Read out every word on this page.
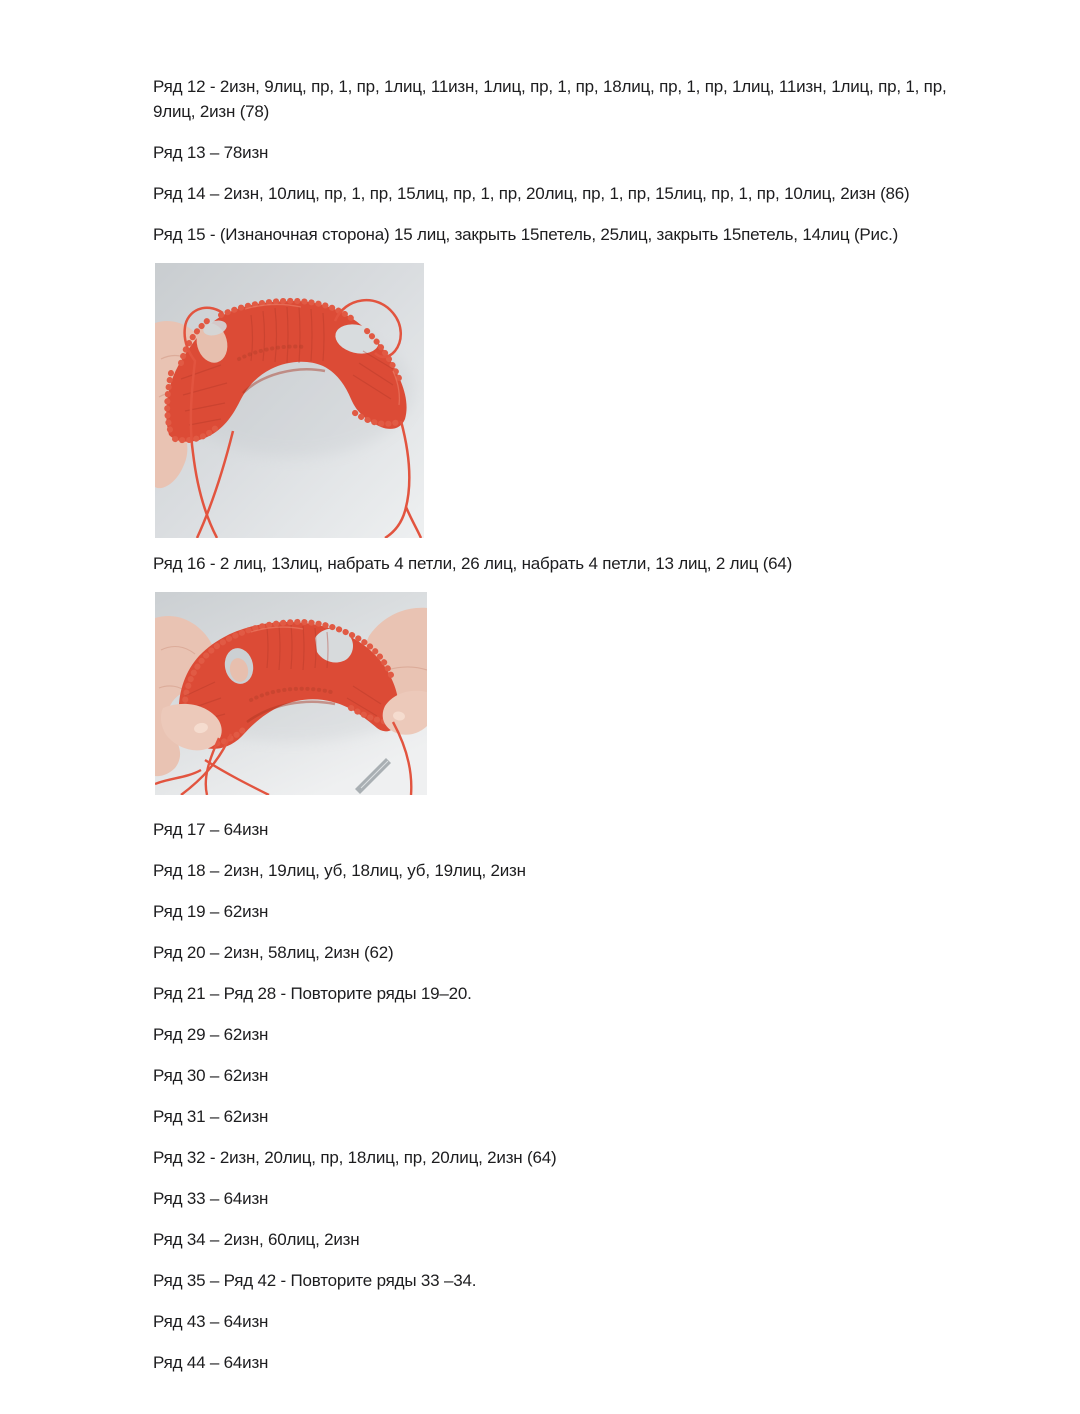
Ряд 12 - 2изн, 9лиц, пр, 1, пр, 1лиц, 11изн, 1лиц, пр, 1, пр, 18лиц, пр, 1, пр, 1лиц, 11изн, 1лиц, пр, 1, пр, 9лиц, 2изн (78)

Ряд 13 – 78изн

Ряд 14 – 2изн, 10лиц, пр, 1, пр, 15лиц, пр, 1, пр, 20лиц, пр, 1, пр, 15лиц, пр, 1, пр, 10лиц, 2изн (86)

Ряд 15 - (Изнаночная сторона) 15 лиц, закрыть 15петель, 25лиц, закрыть 15петель, 14лиц (Рис.)

Ряд 16 - 2 лиц, 13лиц, набрать 4 петли, 26 лиц, набрать 4 петли, 13 лиц, 2 лиц (64)

Ряд 17 – 64изн

Ряд 18 – 2изн, 19лиц, уб, 18лиц, уб, 19лиц, 2изн

Ряд 19 – 62изн

Ряд 20 – 2изн, 58лиц, 2изн (62)

Ряд 21 – Ряд 28 - Повторите ряды 19–20.

Ряд 29 – 62изн

Ряд 30 – 62изн

Ряд 31 – 62изн

Ряд 32 - 2изн, 20лиц, пр, 18лиц, пр, 20лиц, 2изн (64)

Ряд 33 – 64изн

Ряд 34 – 2изн, 60лиц, 2изн

Ряд 35 – Ряд 42 - Повторите ряды 33 –34.

Ряд 43 – 64изн

Ряд 44 – 64изн
